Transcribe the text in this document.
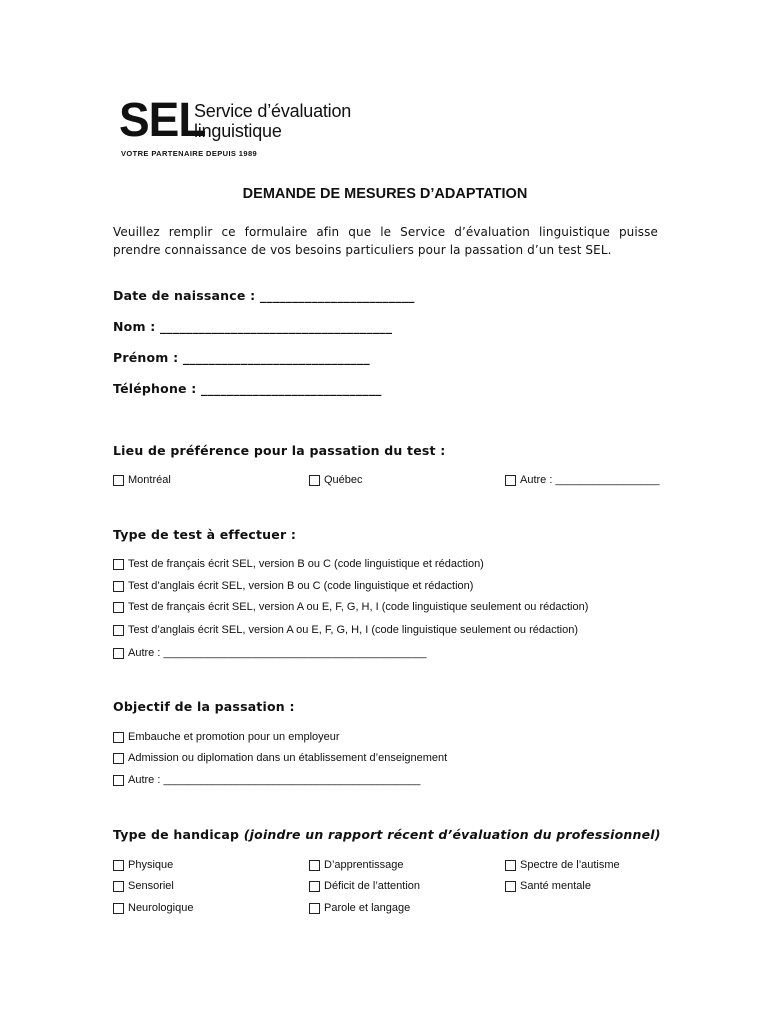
SEL
Service d’évaluation
linguistique
VOTRE PARTENAIRE DEPUIS 1989
DEMANDE DE MESURES D’ADAPTATION
Veuillez remplir ce formulaire afin que le Service d’évaluation linguistique puisse prendre connaissance de vos besoins particuliers pour la passation d’un test SEL.
Date de naissance : ________________________
Nom : ____________________________________
Prénom : _____________________________
Téléphone : ____________________________
Lieu de préférence pour la passation du test :
Montréal	Québec	Autre : _________________
Type de test à effectuer :
Test de français écrit SEL, version B ou C (code linguistique et rédaction)
Test d’anglais écrit SEL, version B ou C (code linguistique et rédaction)
Test de français écrit SEL, version A ou E, F, G, H, I (code linguistique seulement ou rédaction)
Test d’anglais écrit SEL, version A ou E, F, G, H, I (code linguistique seulement ou rédaction)
Autre : ___________________________________________
Objectif de la passation :
Embauche et promotion pour un employeur
Admission ou diplomation dans un établissement d’enseignement
Autre : __________________________________________
Type de handicap (joindre un rapport récent d’évaluation du professionnel)
Physique	D’apprentissage	Spectre de l’autisme
Sensoriel	Déficit de l’attention	Santé mentale
Neurologique	Parole et langage
